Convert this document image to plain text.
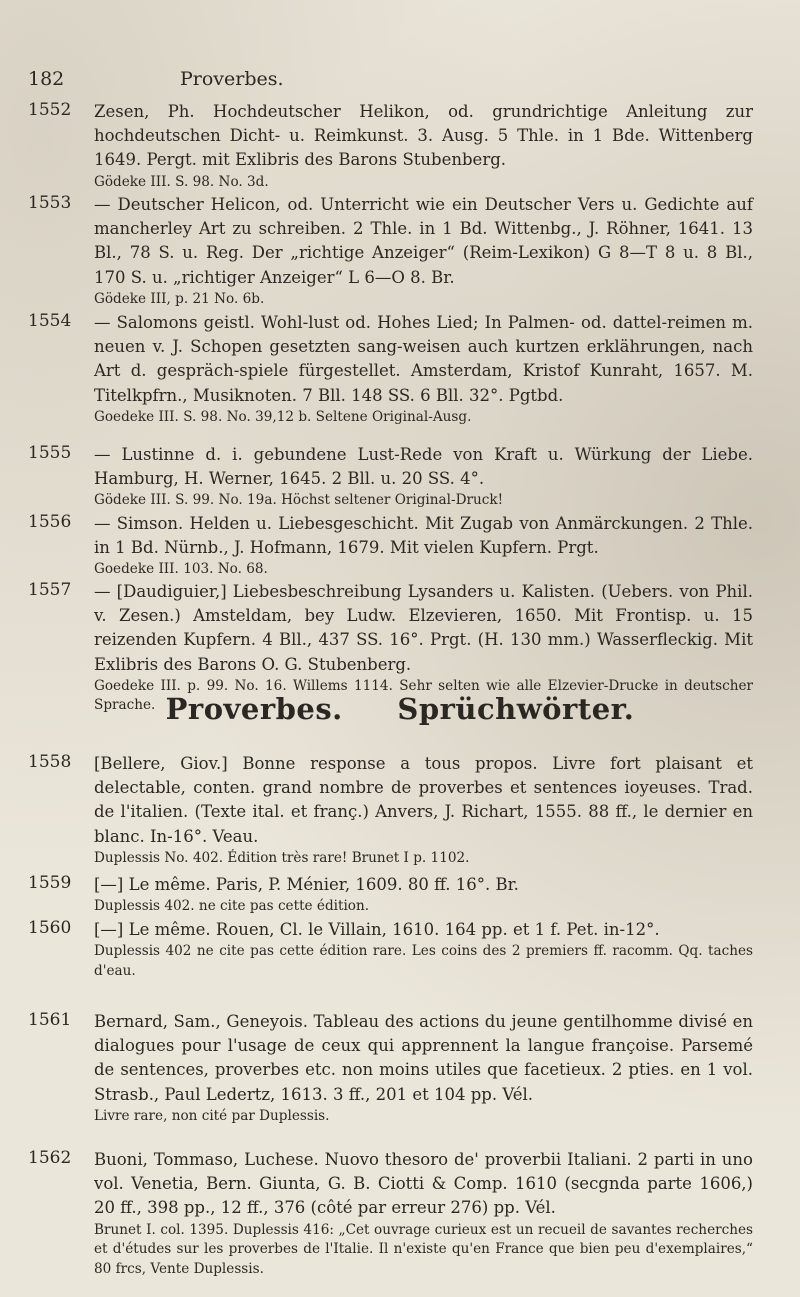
182	Proverbes.
1552	Zesen, Ph. Hochdeutscher Helikon, od. grundrichtige Anleitung zur hochdeutschen Dicht- u. Reimkunst. 3. Ausg. 5 Thle. in 1 Bde. Wittenberg 1649. Pergt. mit Exlibris des Barons Stubenberg.

Gödeke III. S. 98. No. 3d.

1553	— Deutscher Helicon, od. Unterricht wie ein Deutscher Vers u. Gedichte auf mancherley Art zu schreiben. 2 Thle. in 1 Bd. Wittenbg., J. Röhner, 1641. 13 Bl., 78 S. u. Reg. Der „richtige Anzeiger“ (Reim-Lexikon) G 8—T 8 u. 8 Bl., 170 S. u. „richtiger Anzeiger“ L 6—O 8. Br.

Gödeke III, p. 21 No. 6b.

1554	— Salomons geistl. Wohl-lust od. Hohes Lied; In Palmen- od. dattel-reimen m. neuen v. J. Schopen gesetzten sang-weisen auch kurtzen erklährungen, nach Art d. gespräch-spiele fürgestellet. Amsterdam, Kristof Kunraht, 1657. M. Titelkpfrn., Musiknoten. 7 Bll. 148 SS. 6 Bll. 32°. Pgtbd.

Goedeke III. S. 98. No. 39,12 b. Seltene Original-Ausg.

1555	— Lustinne d. i. gebundene Lust-Rede von Kraft u. Würkung der Liebe. Hamburg, H. Werner, 1645. 2 Bll. u. 20 SS. 4°.

Gödeke III. S. 99. No. 19a. Höchst seltener Original-Druck!

1556	— Simson. Helden u. Liebesgeschicht. Mit Zugab von Anmärckungen. 2 Thle. in 1 Bd. Nürnb., J. Hofmann, 1679. Mit vielen Kupfern. Prgt.

Goedeke III. 103. No. 68.

1557	— [Daudiguier,] Liebesbeschreibung Lysanders u. Kalisten. (Uebers. von Phil. v. Zesen.) Amsteldam, bey Ludw. Elzevieren, 1650. Mit Frontisp. u. 15 reizenden Kupfern. 4 Bll., 437 SS. 16°. Prgt. (H. 130 mm.) Wasserfleckig. Mit Exlibris des Barons O. G. Stubenberg.

Goedeke III. p. 99. No. 16. Willems 1114. Sehr selten wie alle Elzevier-Drucke in deutscher Sprache. Proverbes. Sprüchwörter.
1558	[Bellere, Giov.] Bonne response a tous propos. Livre fort plaisant et delectable, conten. grand nombre de proverbes et sentences ioyeuses. Trad. de l'italien. (Texte ital. et franç.) Anvers, J. Richart, 1555. 88 ff., le dernier en blanc. In-16°. Veau.

Duplessis No. 402. Édition très rare! Brunet I p. 1102.

1559	[—] Le même. Paris, P. Ménier, 1609. 80 ff. 16°. Br.

Duplessis 402. ne cite pas cette édition.

1560	[—] Le même. Rouen, Cl. le Villain, 1610. 164 pp. et 1 f. Pet. in-12°.

Duplessis 402 ne cite pas cette édition rare. Les coins des 2 premiers ff. racomm. Qq. taches d'eau.

1561	Bernard, Sam., Geneyois. Tableau des actions du jeune gentilhomme divisé en dialogues pour l'usage de ceux qui apprennent la langue françoise. Parsemé de sentences, proverbes etc. non moins utiles que facetieux. 2 pties. en 1 vol. Strasb., Paul Ledertz, 1613. 3 ff., 201 et 104 pp. Vél.

Livre rare, non cité par Duplessis.

1562	Buoni, Tommaso, Luchese. Nuovo thesoro de' proverbii Italiani. 2 parti in uno vol. Venetia, Bern. Giunta, G. B. Ciotti & Comp. 1610 (secgnda parte 1606,) 20 ff., 398 pp., 12 ff., 376 (côté par erreur 276) pp. Vél.

Brunet I. col. 1395. Duplessis 416: „Cet ouvrage curieux est un recueil de savantes recherches et d'études sur les proverbes de l'Italie. Il n'existe qu'en France que bien peu d'exemplaires,“ 80 frcs, Vente Duplessis.
